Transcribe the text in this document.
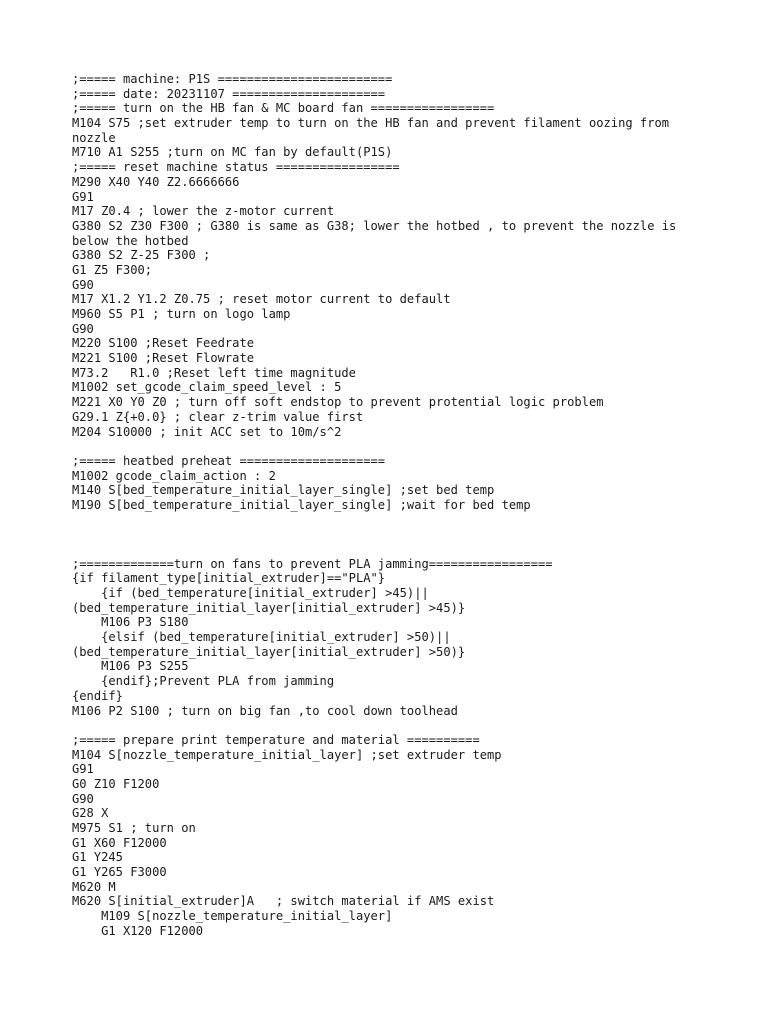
;===== machine: P1S ========================
;===== date: 20231107 =====================
;===== turn on the HB fan & MC board fan =================
M104 S75 ;set extruder temp to turn on the HB fan and prevent filament oozing from nozzle
M710 A1 S255 ;turn on MC fan by default(P1S)
;===== reset machine status =================
M290 X40 Y40 Z2.6666666
G91
M17 Z0.4 ; lower the z-motor current
G380 S2 Z30 F300 ; G380 is same as G38; lower the hotbed , to prevent the nozzle is below the hotbed
G380 S2 Z-25 F300 ;
G1 Z5 F300;
G90
M17 X1.2 Y1.2 Z0.75 ; reset motor current to default
M960 S5 P1 ; turn on logo lamp
G90
M220 S100 ;Reset Feedrate
M221 S100 ;Reset Flowrate
M73.2   R1.0 ;Reset left time magnitude
M1002 set_gcode_claim_speed_level : 5
M221 X0 Y0 Z0 ; turn off soft endstop to prevent protential logic problem
G29.1 Z{+0.0} ; clear z-trim value first
M204 S10000 ; init ACC set to 10m/s^2
;===== heatbed preheat ====================
M1002 gcode_claim_action : 2
M140 S[bed_temperature_initial_layer_single] ;set bed temp
M190 S[bed_temperature_initial_layer_single] ;wait for bed temp
;=============turn on fans to prevent PLA jamming=================
{if filament_type[initial_extruder]=="PLA"}
{if (bed_temperature[initial_extruder] >45)||
(bed_temperature_initial_layer[initial_extruder] >45)}
M106 P3 S180
{elsif (bed_temperature[initial_extruder] >50)||
(bed_temperature_initial_layer[initial_extruder] >50)}
M106 P3 S255
{endif};Prevent PLA from jamming
{endif}
M106 P2 S100 ; turn on big fan ,to cool down toolhead
;===== prepare print temperature and material ==========
M104 S[nozzle_temperature_initial_layer] ;set extruder temp
G91
G0 Z10 F1200
G90
G28 X
M975 S1 ; turn on
G1 X60 F12000
G1 Y245
G1 Y265 F3000
M620 M
M620 S[initial_extruder]A   ; switch material if AMS exist
M109 S[nozzle_temperature_initial_layer]
G1 X120 F12000
